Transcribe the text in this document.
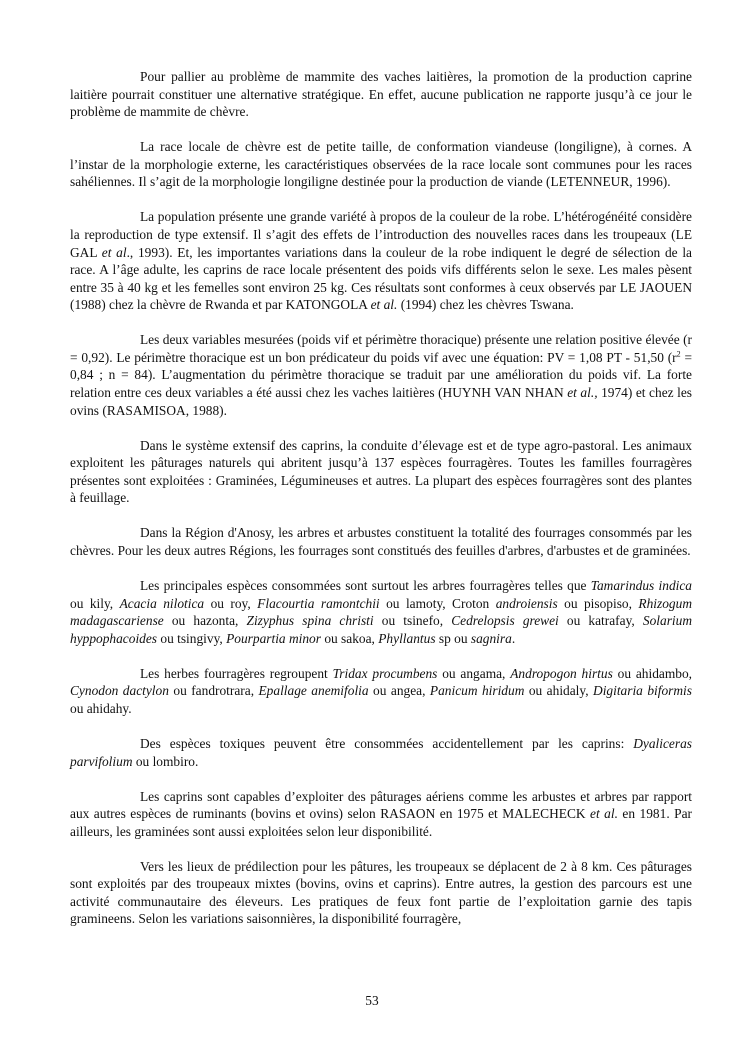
Pour pallier au problème de mammite des vaches laitières, la promotion de la production caprine laitière pourrait constituer une alternative stratégique. En effet, aucune publication ne rapporte jusqu’à ce jour le problème de mammite de chèvre.

La race locale de chèvre est de petite taille, de conformation viandeuse (longiligne), à cornes. A l’instar de la morphologie externe, les caractéristiques observées de la race locale sont communes pour les races sahéliennes. Il s’agit de la morphologie longiligne destinée pour la production de viande (LETENNEUR, 1996).

La population présente une grande variété à propos de la couleur de la robe. L’hétérogénéité considère la reproduction de type extensif. Il s’agit des effets de l’introduction des nouvelles races dans les troupeaux (LE GAL et al., 1993). Et, les importantes variations dans la couleur de la robe indiquent le degré de sélection de la race. A l’âge adulte, les caprins de race locale présentent des poids vifs différents selon le sexe. Les males pèsent entre 35 à 40 kg et les femelles sont environ 25 kg. Ces résultats sont conformes à ceux observés par LE JAOUEN (1988) chez la chèvre de Rwanda et par KATONGOLA et al. (1994) chez les chèvres Tswana.

Les deux variables mesurées (poids vif et périmètre thoracique) présente une relation positive élevée (r = 0,92). Le périmètre thoracique est un bon prédicateur du poids vif avec une équation: PV = 1,08 PT - 51,50 ($r^2 = 0,84$ ; n = 84). L’augmentation du périmètre thoracique se traduit par une amélioration du poids vif. La forte relation entre ces deux variables a été aussi chez les vaches laitières (HUYNH VAN NHAN et al., 1974) et chez les ovins (RASAMISOA, 1988).

Dans le système extensif des caprins, la conduite d’élevage est et de type agro-pastoral. Les animaux exploitent les pâturages naturels qui abritent jusqu’à 137 espèces fourragères. Toutes les familles fourragères présentes sont exploitées : Graminées, Légumineuses et autres. La plupart des espèces fourragères sont des plantes à feuillage.

Dans la Région d'Anosy, les arbres et arbustes constituent la totalité des fourrages consommés par les chèvres. Pour les deux autres Régions, les fourrages sont constitués des feuilles d'arbres, d'arbustes et de graminées.

Les principales espèces consommées sont surtout les arbres fourragères telles que Tamarindus indica ou kily, Acacia nilotica ou roy, Flacourtia ramontchii ou lamoty, Croton androiensis ou pisopiso, Rhizogum madagascariense ou hazonta, Zizyphus spina christi ou tsinefo, Cedrelopsis grewei ou katrafay, Solarium hyppophacoides ou tsingivy, Pourpartia minor ou sakoa, Phyllantus sp ou sagnira.

Les herbes fourragères regroupent Tridax procumbens ou angama, Andropogon hirtus ou ahidambo, Cynodon dactylon ou fandrotrara, Epallage anemifolia ou angea, Panicum hiridum ou ahidaly, Digitaria biformis ou ahidahy.

Des espèces toxiques peuvent être consommées accidentellement par les caprins: Dyaliceras parvifolium ou lombiro.

Les caprins sont capables d’exploiter des pâturages aériens comme les arbustes et arbres par rapport aux autres espèces de ruminants (bovins et ovins) selon RASAON en 1975 et MALECHECK et al. en 1981. Par ailleurs, les graminées sont aussi exploitées selon leur disponibilité.

Vers les lieux de prédilection pour les pâtures, les troupeaux se déplacent de 2 à 8 km. Ces pâturages sont exploités par des troupeaux mixtes (bovins, ovins et caprins). Entre autres, la gestion des parcours est une activité communautaire des éleveurs. Les pratiques de feux font partie de l’exploitation garnie des tapis gramineens. Selon les variations saisonnières, la disponibilité fourragère,

53
